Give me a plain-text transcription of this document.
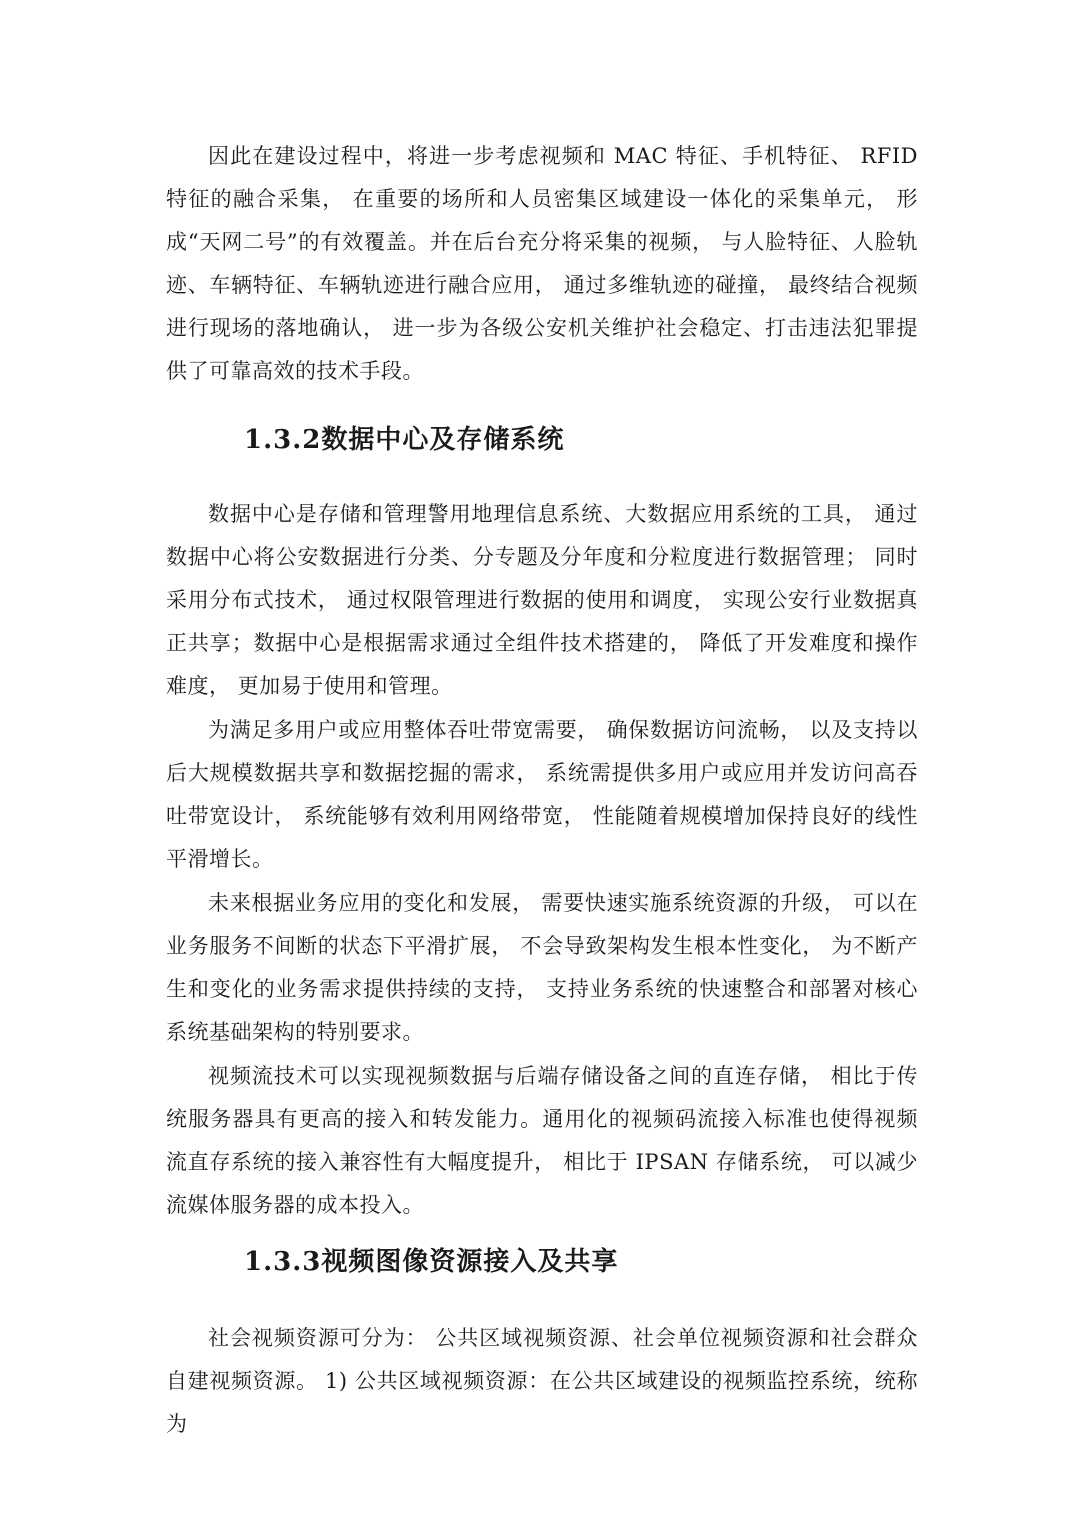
因此在建设过程中，将进一步考虑视频和 MAC 特征、手机特征、 RFID 特征的融合采集， 在重要的场所和人员密集区域建设一体化的采集单元， 形成“天网二号”的有效覆盖。并在后台充分将采集的视频， 与人脸特征、人脸轨迹、车辆特征、车辆轨迹进行融合应用， 通过多维轨迹的碰撞， 最终结合视频进行现场的落地确认， 进一步为各级公安机关维护社会稳定、打击违法犯罪提供了可靠高效的技术手段。

1.3.2数据中心及存储系统

数据中心是存储和管理警用地理信息系统、大数据应用系统的工具， 通过数据中心将公安数据进行分类、分专题及分年度和分粒度进行数据管理； 同时采用分布式技术， 通过权限管理进行数据的使用和调度， 实现公安行业数据真正共享；数据中心是根据需求通过全组件技术搭建的， 降低了开发难度和操作难度， 更加易于使用和管理。

为满足多用户或应用整体吞吐带宽需要， 确保数据访问流畅， 以及支持以后大规模数据共享和数据挖掘的需求， 系统需提供多用户或应用并发访问高吞吐带宽设计， 系统能够有效利用网络带宽， 性能随着规模增加保持良好的线性平滑增长。

未来根据业务应用的变化和发展， 需要快速实施系统资源的升级， 可以在业务服务不间断的状态下平滑扩展， 不会导致架构发生根本性变化， 为不断产生和变化的业务需求提供持续的支持， 支持业务系统的快速整合和部署对核心系统基础架构的特别要求。

视频流技术可以实现视频数据与后端存储设备之间的直连存储， 相比于传统服务器具有更高的接入和转发能力。通用化的视频码流接入标准也使得视频流直存系统的接入兼容性有大幅度提升， 相比于 IPSAN 存储系统， 可以减少流媒体服务器的成本投入。

1.3.3视频图像资源接入及共享

社会视频资源可分为： 公共区域视频资源、社会单位视频资源和社会群众自建视频资源。 1) 公共区域视频资源：在公共区域建设的视频监控系统，统称为
